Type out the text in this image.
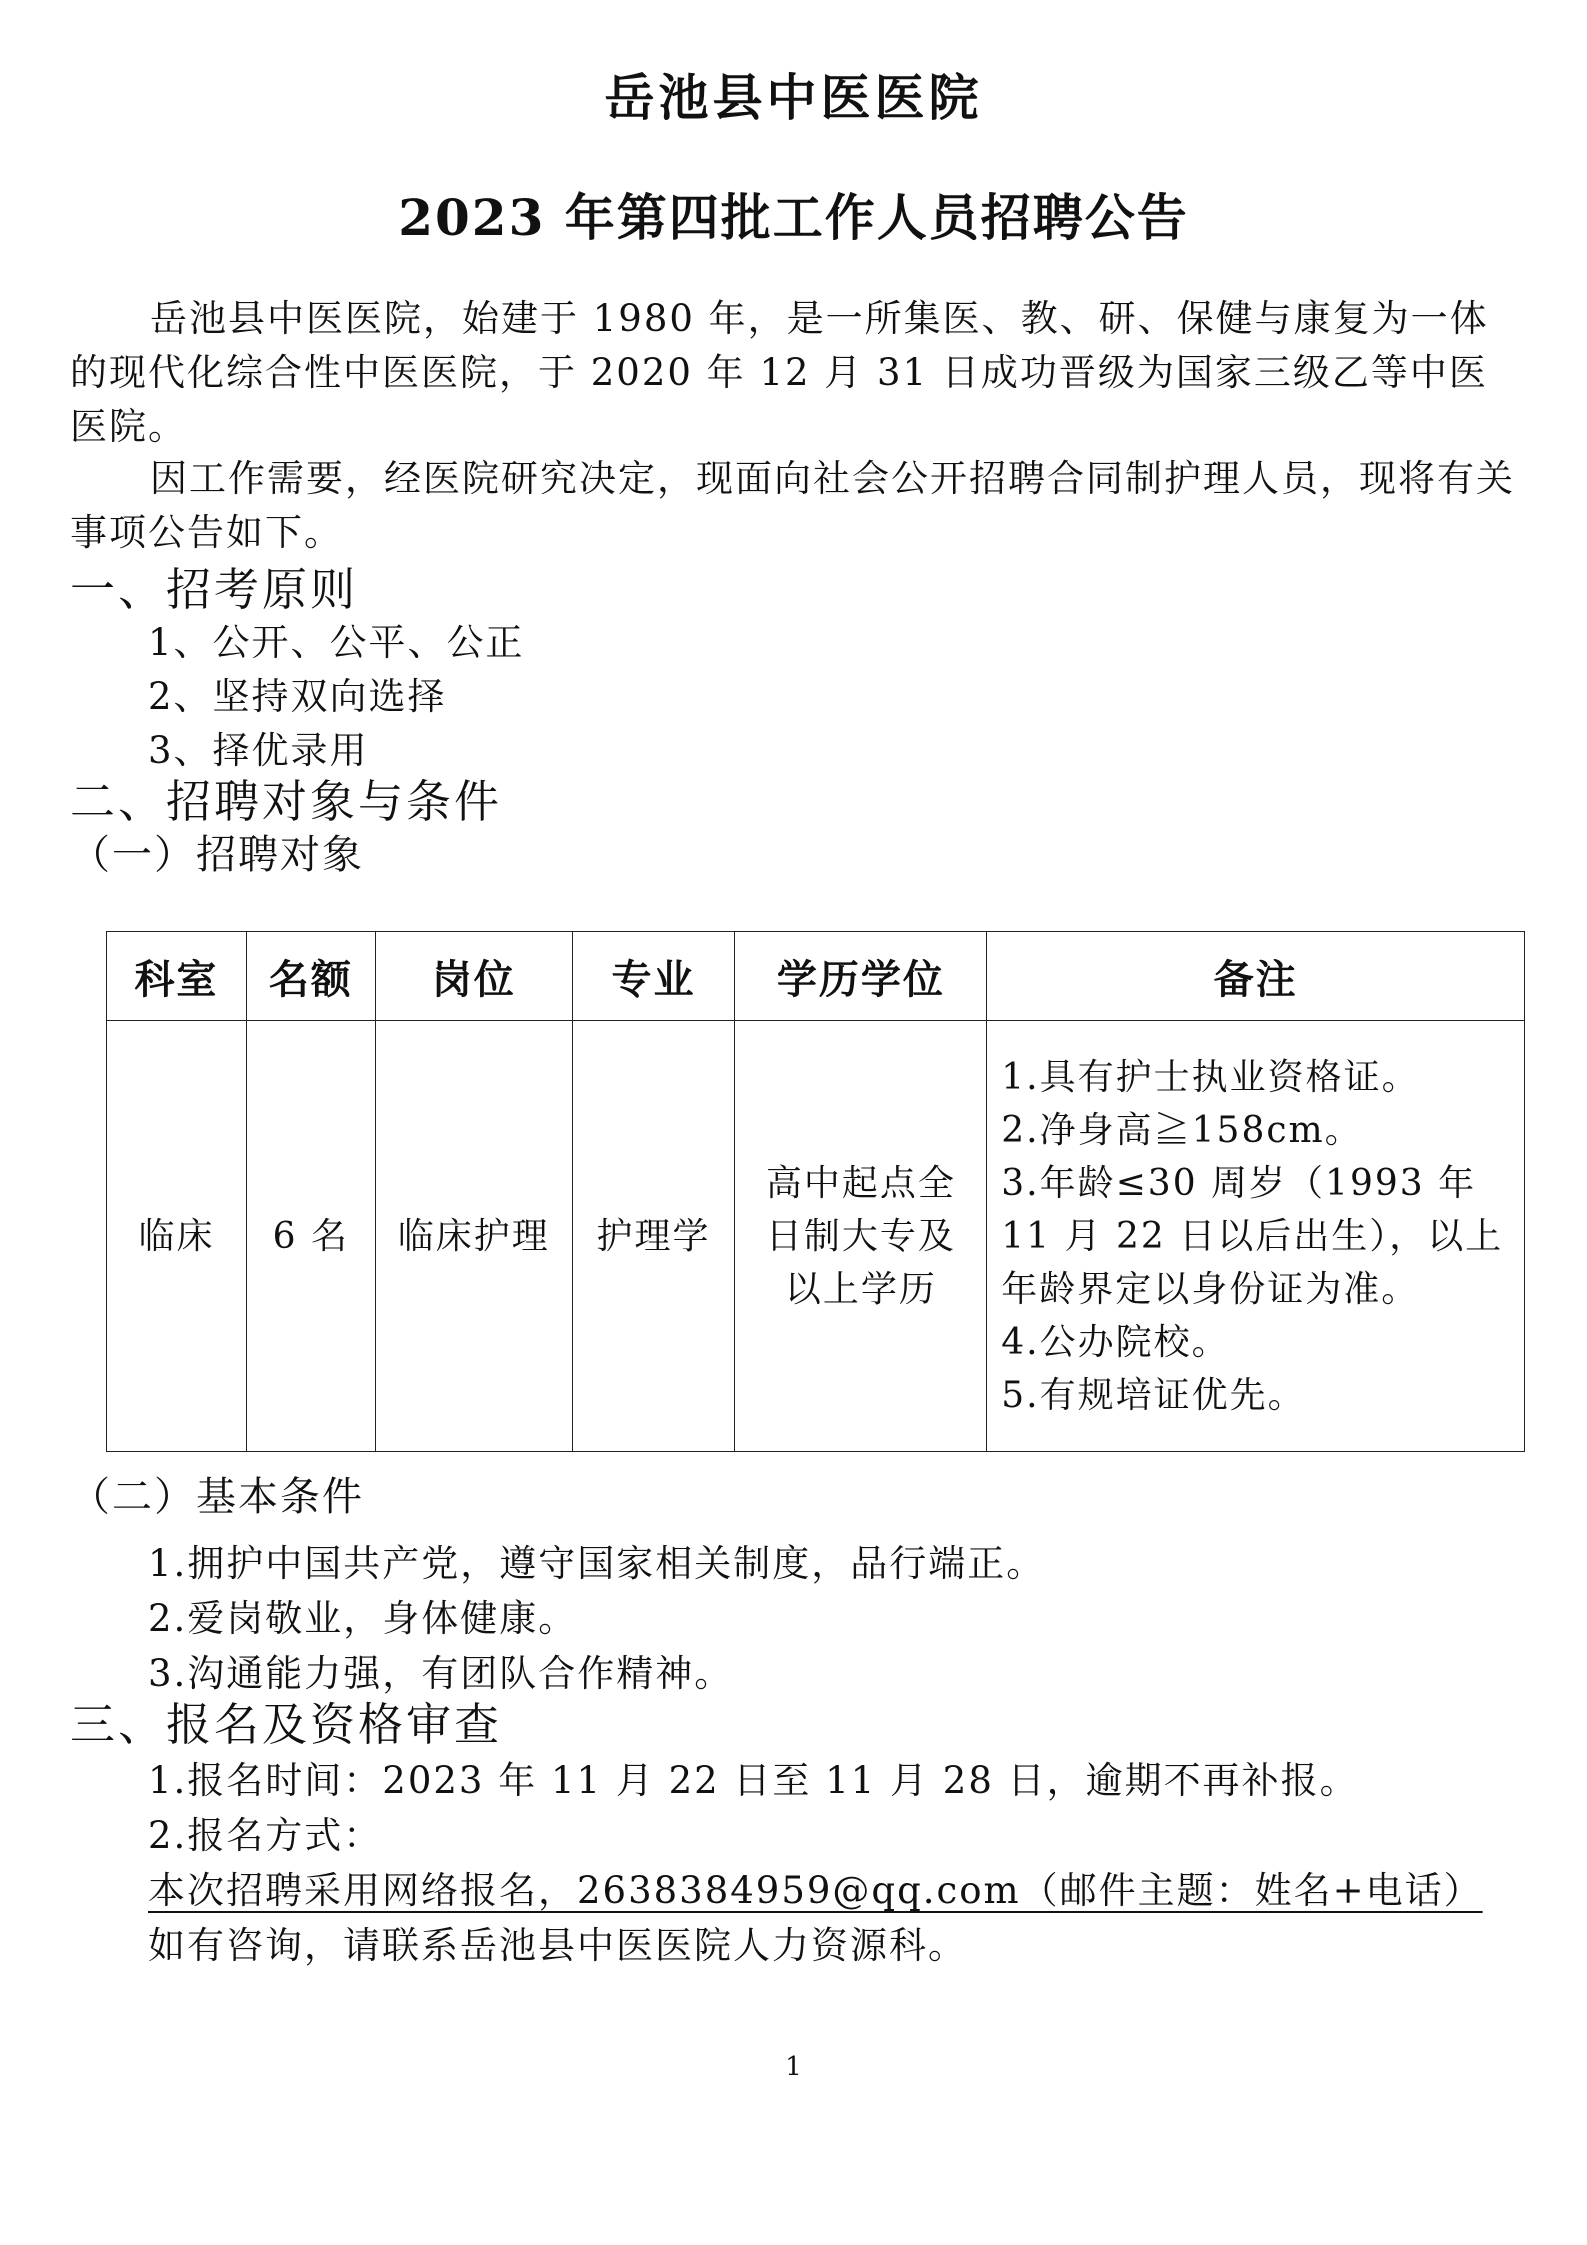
岳池县中医医院
2023 年第四批工作人员招聘公告
岳池县中医医院，始建于 1980 年，是一所集医、教、研、保健与康复为一体的现代化综合性中医医院，于 2020 年 12 月 31 日成功晋级为国家三级乙等中医医院。
因工作需要，经医院研究决定，现面向社会公开招聘合同制护理人员，现将有关事项公告如下。
一、招考原则
1、公开、公平、公正
2、坚持双向选择
3、择优录用
二、招聘对象与条件
（一）招聘对象
科室	名额	岗位	专业	学历学位	备注
临床	6 名	临床护理	护理学	高中起点全日制大专及以上学历	1.具有护士执业资格证。
2.净身高≧158cm。
3.年龄≤30 周岁（1993 年 11 月 22 日以后出生），以上年龄界定以身份证为准。
4.公办院校。
5.有规培证优先。
（二）基本条件
1.拥护中国共产党，遵守国家相关制度，品行端正。
2.爱岗敬业，身体健康。
3.沟通能力强，有团队合作精神。
三、报名及资格审查
1.报名时间：2023 年 11 月 22 日至 11 月 28 日，逾期不再补报。
2.报名方式：
本次招聘采用网络报名，2638384959@qq.com（邮件主题：姓名+电话）
如有咨询，请联系岳池县中医医院人力资源科。
1
